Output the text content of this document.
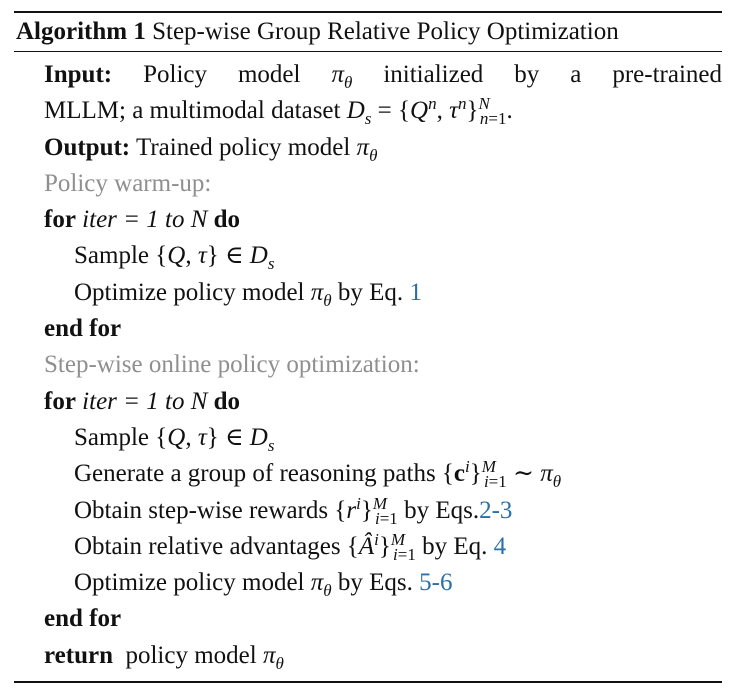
Algorithm 1 Step-wise Group Relative Policy Optimization
Input: Policy model $\pi_\theta$ initialized by a pre-trained
MLLM; a multimodal dataset $D_s = \{Q^n$, $\tau^n\}^N_{n=1}$.
Output: Trained policy model $\pi_\theta$
Policy warm-up:
for iter = 1 to N do
Sample {Q, τ} ∈ $D_s$
Optimize policy model $\pi_\theta$ by Eq. 1
end for
Step-wise online policy optimization:
for iter = 1 to N do
Sample {Q, τ} ∈ $D_s$
Generate a group of reasoning paths $\{c^i\}^M_{i=1}$ ∼ $\pi_\theta$
Obtain step-wise rewards $\{r^i\}^M_{i=1}$ by Eqs.2-3
Obtain relative advantages $\{Â^i\}^M_{i=1}$ by Eq. 4
Optimize policy model $\pi_\theta$ by Eqs. 5-6
end for
return  policy model $\pi_\theta$
